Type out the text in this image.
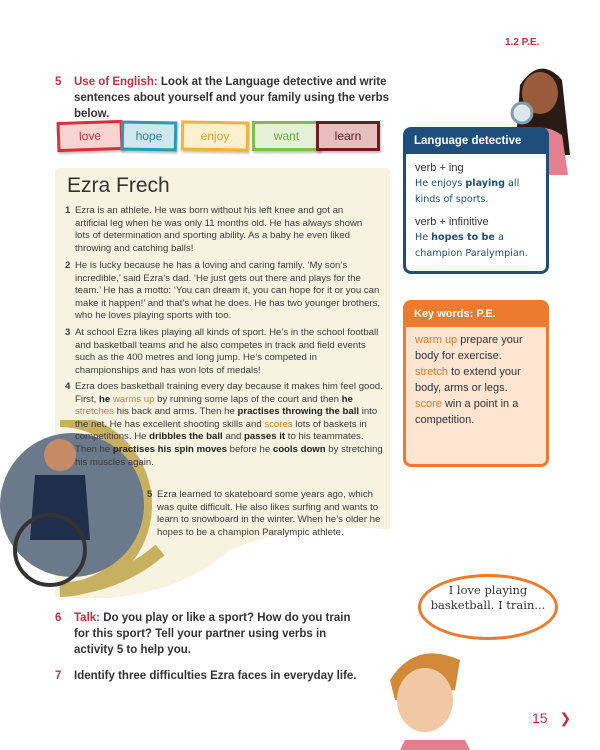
1.2 P.E.
5 Use of English: Look at the Language detective and write sentences about yourself and your family using the verbs below.
love	hope	enjoy	want	learn
Ezra Frech
1 Ezra is an athlete. He was born without his left knee and got an artificial leg when he was only 11 months old. He has always shown lots of determination and sporting ability. As a baby he even liked throwing and catching balls!
2 He is lucky because he has a loving and caring family. ‘My son’s incredible,’ said Ezra’s dad. ‘He just gets out there and plays for the team.’ He has a motto: ‘You can dream it, you can hope for it or you can make it happen!’ and that’s what he does. He has two younger brothers, who he loves playing sports with too.
3 At school Ezra likes playing all kinds of sport. He’s in the school football and basketball teams and he also competes in track and field events such as the 400 metres and long jump. He’s competed in championships and has won lots of medals!
4 Ezra does basketball training every day because it makes him feel good. First, he warms up by running some laps of the court and then he stretches his back and arms. Then he practises throwing the ball into the net. He has excellent shooting skills and scores lots of baskets in competitions. He dribbles the ball and passes it to his teammates. Then he practises his spin moves before he cools down by stretching his muscles again.
5 Ezra learned to skateboard some years ago, which was quite difficult. He also likes surfing and wants to learn to snowboard in the winter. When he’s older he hopes to be a champion Paralympic athlete.
Language detective
verb + ing
He enjoys playing all kinds of sports.
verb + infinitive
He hopes to be a champion Paralympian.
Key words: P.E.
warm up prepare your body for exercise.
stretch to extend your body, arms or legs.
score win a point in a competition.
6 Talk: Do you play or like a sport? How do you train for this sport? Tell your partner using verbs in activity 5 to help you.
7 Identify three difficulties Ezra faces in everyday life.
I love playing basketball. I train...
15 ❯
